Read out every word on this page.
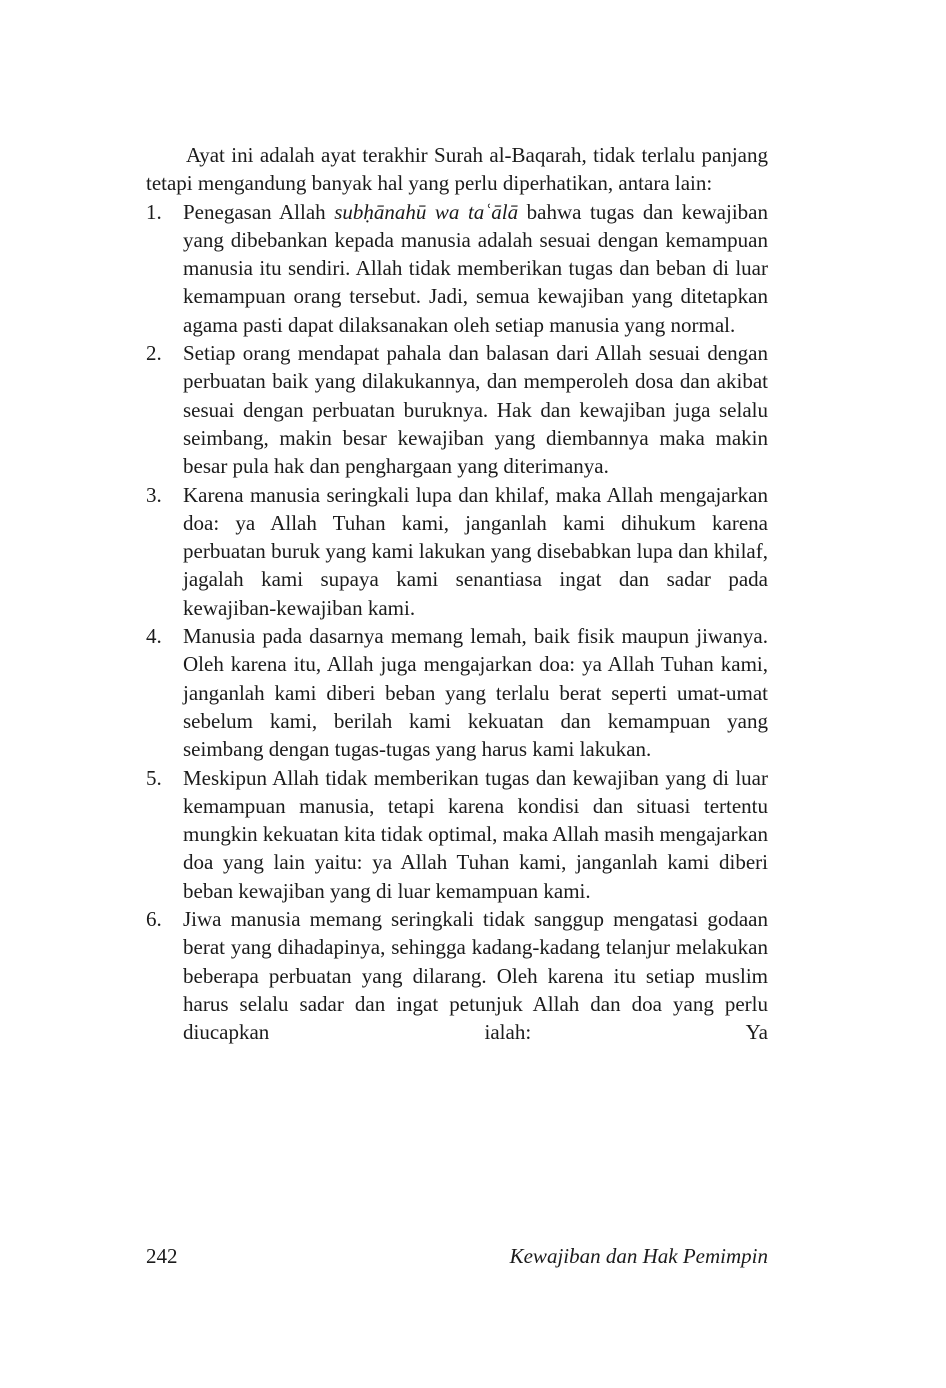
Ayat ini adalah ayat terakhir Surah al-Baqarah, tidak terlalu panjang tetapi mengandung banyak hal yang perlu diperhatikan, antara lain:

1. Penegasan Allah subḥānahū wa taʿālā bahwa tugas dan kewajiban yang dibebankan kepada manusia adalah sesuai dengan kemampuan manusia itu sendiri. Allah tidak memberikan tugas dan beban di luar kemampuan orang tersebut. Jadi, semua kewajiban yang ditetapkan agama pasti dapat dilaksanakan oleh setiap manusia yang normal.
2. Setiap orang mendapat pahala dan balasan dari Allah sesuai dengan perbuatan baik yang dilakukannya, dan memperoleh dosa dan akibat sesuai dengan perbuatan buruknya. Hak dan kewajiban juga selalu seimbang, makin besar kewajiban yang diembannya maka makin besar pula hak dan penghargaan yang diterimanya.
3. Karena manusia seringkali lupa dan khilaf, maka Allah mengajarkan doa: ya Allah Tuhan kami, janganlah kami dihukum karena perbuatan buruk yang kami lakukan yang disebabkan lupa dan khilaf, jagalah kami supaya kami senantiasa ingat dan sadar pada kewajiban-kewajiban kami.
4. Manusia pada dasarnya memang lemah, baik fisik maupun jiwanya. Oleh karena itu, Allah juga mengajarkan doa: ya Allah Tuhan kami, janganlah kami diberi beban yang terlalu berat seperti umat-umat sebelum kami, berilah kami kekuatan dan kemampuan yang seimbang dengan tugas-tugas yang harus kami lakukan.
5. Meskipun Allah tidak memberikan tugas dan kewajiban yang di luar kemampuan manusia, tetapi karena kondisi dan situasi tertentu mungkin kekuatan kita tidak optimal, maka Allah masih mengajarkan doa yang lain yaitu: ya Allah Tuhan kami, janganlah kami diberi beban kewajiban yang di luar kemampuan kami.
6. Jiwa manusia memang seringkali tidak sanggup mengatasi godaan berat yang dihadapinya, sehingga kadang-kadang telanjur melakukan beberapa perbuatan yang dilarang. Oleh karena itu setiap muslim harus selalu sadar dan ingat petunjuk Allah dan doa yang perlu diucapkan ialah: Ya
242	Kewajiban dan Hak Pemimpin
